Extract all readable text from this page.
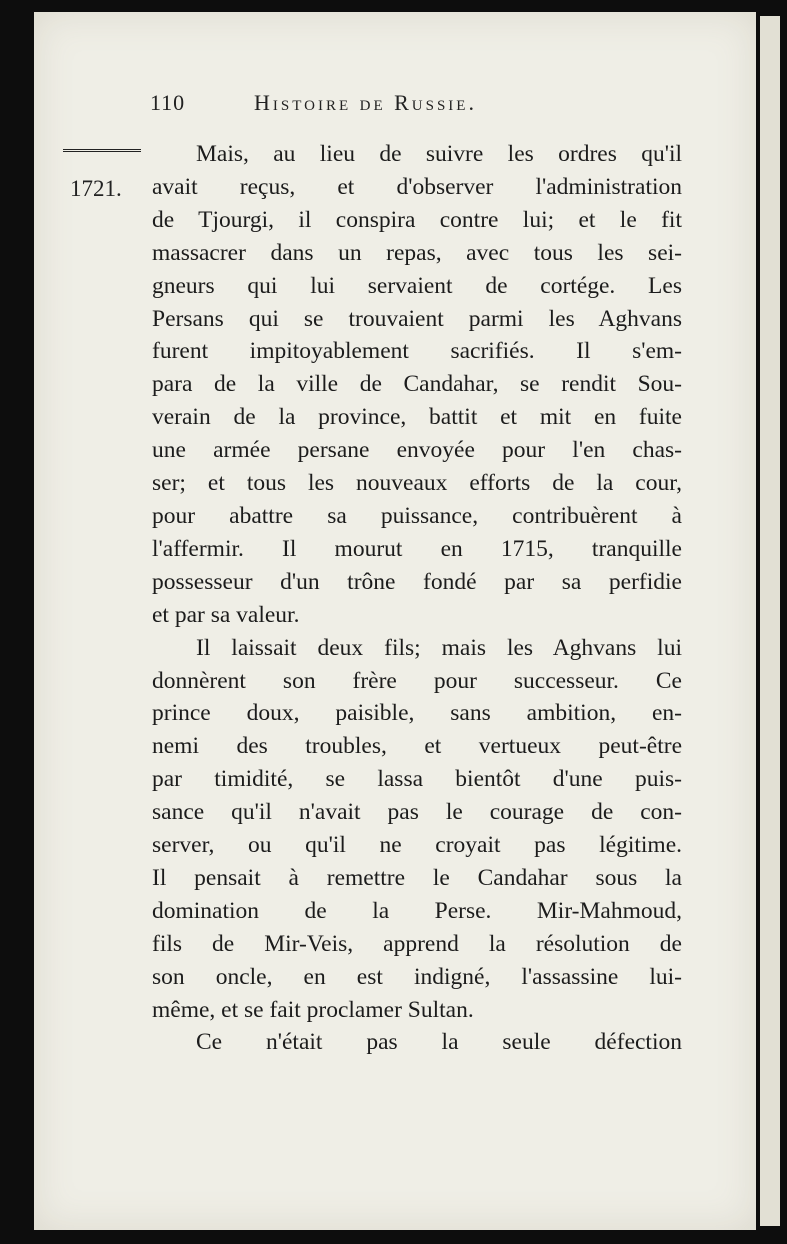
110	Histoire de Russie.
1721.
Mais, au lieu de suivre les ordres qu'il
avait reçus, et d'observer l'administration
de Tjourgi, il conspira contre lui; et le fit
massacrer dans un repas, avec tous les sei-
gneurs qui lui servaient de cortége. Les
Persans qui se trouvaient parmi les Aghvans
furent impitoyablement sacrifiés. Il s'em-
para de la ville de Candahar, se rendit Sou-
verain de la province, battit et mit en fuite
une armée persane envoyée pour l'en chas-
ser; et tous les nouveaux efforts de la cour,
pour abattre sa puissance, contribuèrent à
l'affermir. Il mourut en 1715, tranquille
possesseur d'un trône fondé par sa perfidie
et par sa valeur.
Il laissait deux fils; mais les Aghvans lui
donnèrent son frère pour successeur. Ce
prince doux, paisible, sans ambition, en-
nemi des troubles, et vertueux peut-être
par timidité, se lassa bientôt d'une puis-
sance qu'il n'avait pas le courage de con-
server, ou qu'il ne croyait pas légitime.
Il pensait à remettre le Candahar sous la
domination de la Perse. Mir-Mahmoud,
fils de Mir-Veis, apprend la résolution de
son oncle, en est indigné, l'assassine lui-
même, et se fait proclamer Sultan.
Ce n'était pas la seule défection
